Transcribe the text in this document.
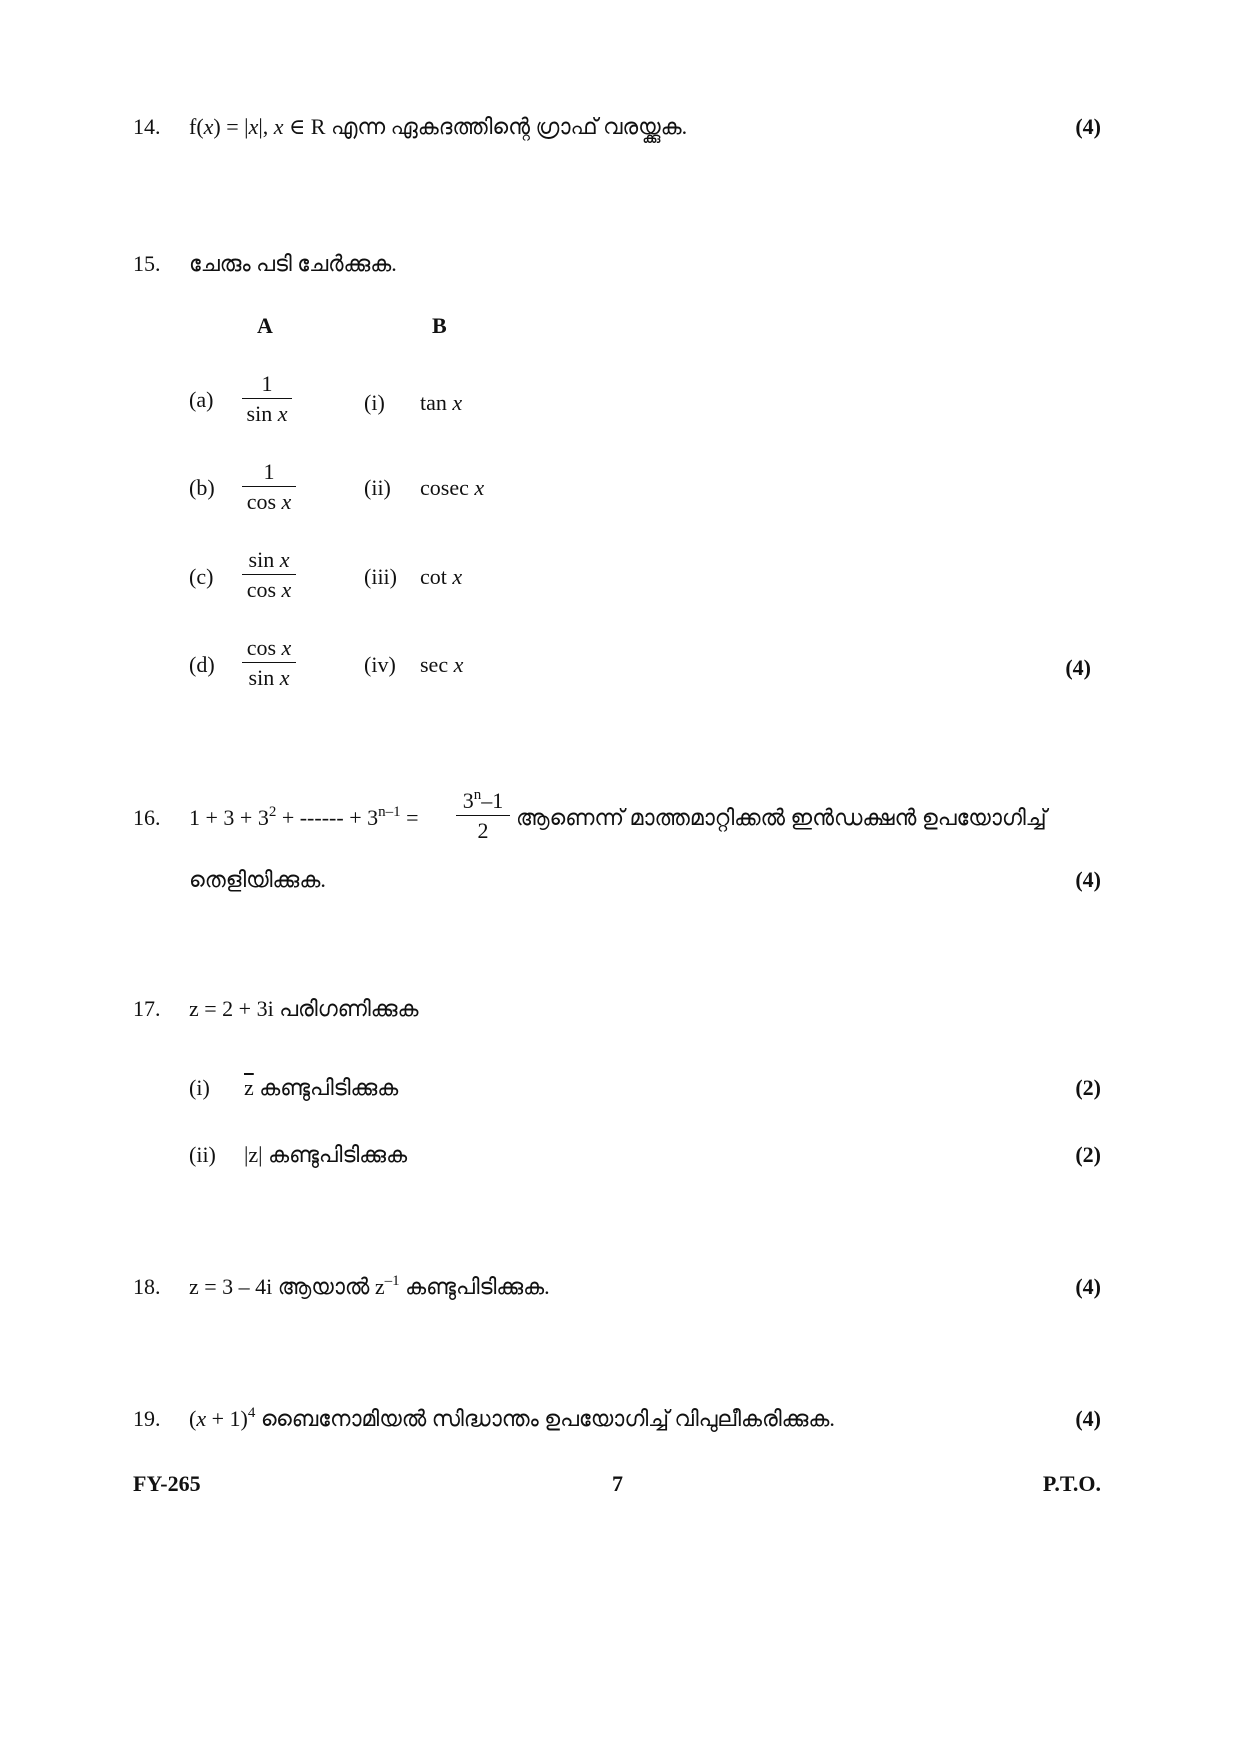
14. f(x) = |x|, x ∈ R എന്ന ഏകദത്തിന്റെ ഗ്രാഫ് വരയ്ക്കുക.	(4)
15. ചേരും പടി ചേർക്കുക.
A	B
$(a) \frac{1}{\text{sin x}}$	(i) tan x
$(b) \frac{1}{\text{cos x}}$	(ii) cosec x
$(c) \frac{\text{sin x}}{\text{cos x}}$	(iii) cot x
$(d) \frac{\text{cos x}}{\text{sin x}}$	(iv) sec x	(4)
16. $1 + 3 + 3^2$ + ------ + $3^{n-1} = \frac{3^n-1}{2}$ ആണെന്ന് മാത്തമാറ്റിക്കൽ ഇൻഡക്ഷൻ ഉപയോഗിച്ച്
തെളിയിക്കുക.	(4)
17. z = 2 + 3i പരിഗണിക്കുക
(i) $\overline{z}$ കണ്ടുപിടിക്കുക	(2)
(ii) |z| കണ്ടുപിടിക്കുക	(2)
18. z = 3 – 4i ആയാൽ $z^{-1}$ കണ്ടുപിടിക്കുക.	(4)
19. $(x + 1)^4$ ബൈനോമിയൽ സിദ്ധാന്തം ഉപയോഗിച്ച് വിപുലീകരിക്കുക.	(4)
FY-265	7	P.T.O.
